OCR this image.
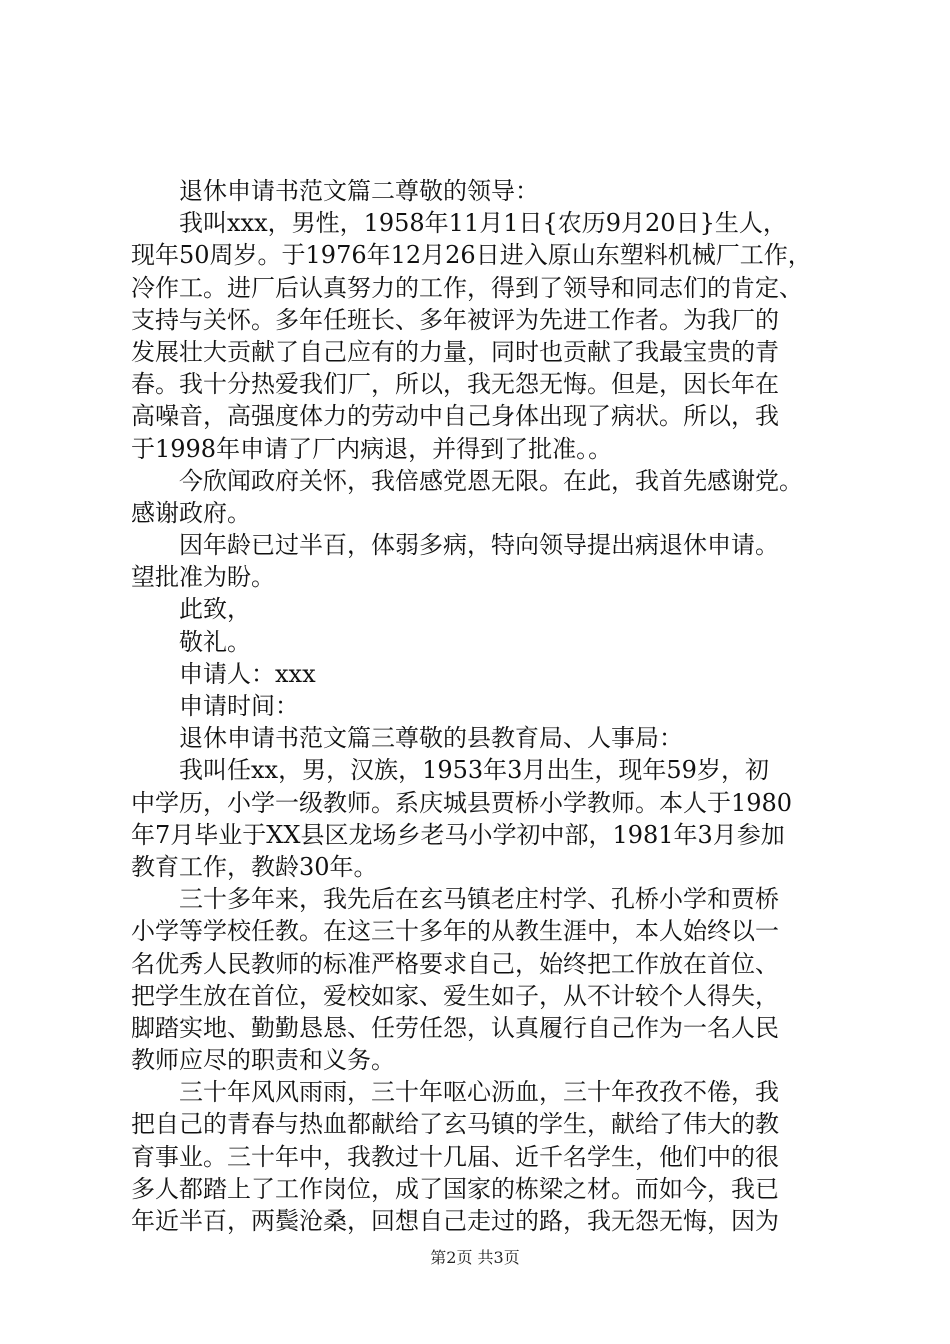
退休申请书范文篇二尊敬的领导：
我叫xxx，男性，1958年11月1日{农历9月20日}生人，
现年50周岁。于1976年12月26日进入原山东塑料机械厂工作，
冷作工。进厂后认真努力的工作，得到了领导和同志们的肯定、
支持与关怀。多年任班长、多年被评为先进工作者。为我厂的
发展壮大贡献了自己应有的力量，同时也贡献了我最宝贵的青
春。我十分热爱我们厂，所以，我无怨无悔。但是，因长年在
高噪音，高强度体力的劳动中自己身体出现了病状。所以，我
于1998年申请了厂内病退，并得到了批准。。
今欣闻政府关怀，我倍感党恩无限。在此，我首先感谢党。
感谢政府。
因年龄已过半百，体弱多病，特向领导提出病退休申请。
望批准为盼。
此致，
敬礼。
申请人：xxx
申请时间：
退休申请书范文篇三尊敬的县教育局、人事局：
我叫任xx，男，汉族，1953年3月出生，现年59岁，初
中学历，小学一级教师。系庆城县贾桥小学教师。本人于1980
年7月毕业于XX县区龙场乡老马小学初中部，1981年3月参加
教育工作，教龄30年。
三十多年来，我先后在玄马镇老庄村学、孔桥小学和贾桥
小学等学校任教。在这三十多年的从教生涯中，本人始终以一
名优秀人民教师的标准严格要求自己，始终把工作放在首位、
把学生放在首位，爱校如家、爱生如子，从不计较个人得失，
脚踏实地、勤勤恳恳、任劳任怨，认真履行自己作为一名人民
教师应尽的职责和义务。
三十年风风雨雨，三十年呕心沥血，三十年孜孜不倦，我
把自己的青春与热血都献给了玄马镇的学生，献给了伟大的教
育事业。三十年中，我教过十几届、近千名学生，他们中的很
多人都踏上了工作岗位，成了国家的栋梁之材。而如今，我已
年近半百，两鬓沧桑，回想自己走过的路，我无怨无悔，因为
第2页 共3页
